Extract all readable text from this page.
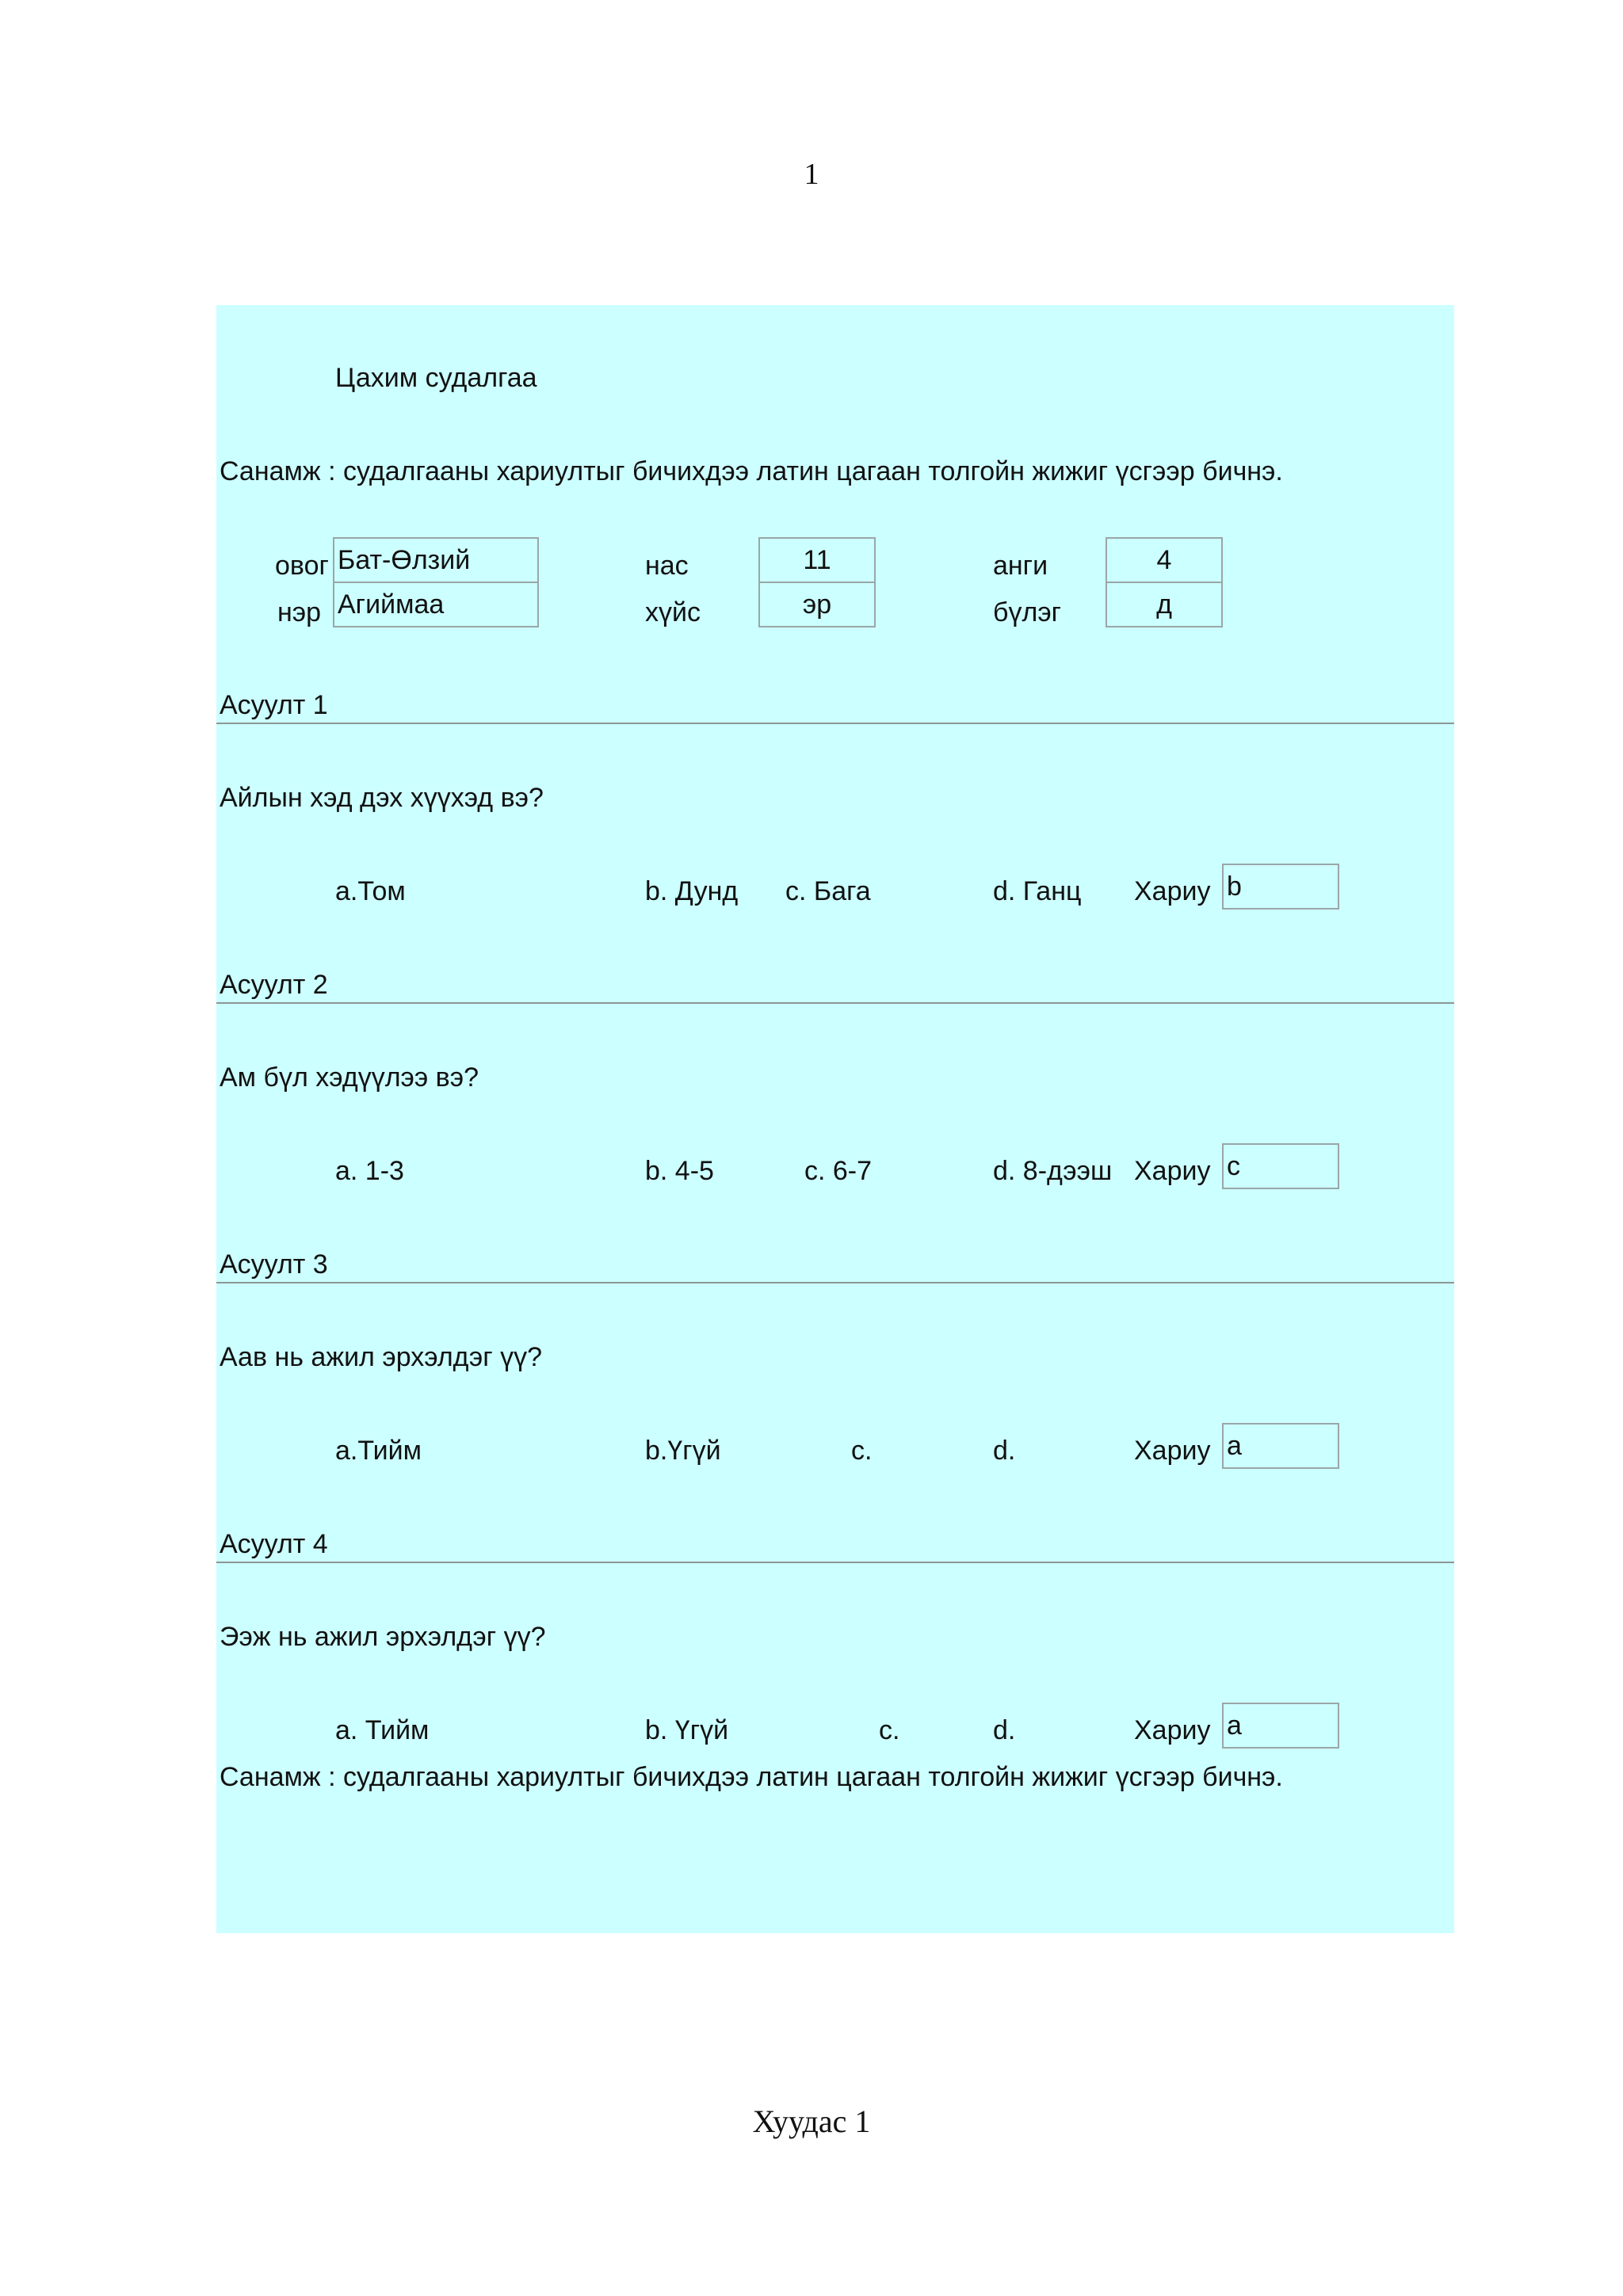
1
Цахим судалгаа
Санамж : судалгааны хариултыг бичихдээ латин цагаан толгойн жижиг үсгээр бичнэ.
овог Бат-Өлзий
нэр Агиймаа
нас	11
хүйс	эр
анги	4
бүлэг	д
Асуулт 1
Айлын хэд дэх хүүхэд вэ?
a.Том	b. Дунд c. Бага	d. Ганц Хариу b
Асуулт 2
Ам бүл хэдүүлээ вэ?
a. 1-3	b. 4-5	c. 6-7	d. 8-дээш Хариу c
Асуулт 3
Аав нь ажил эрхэлдэг үү?
a.Тийм	b.Үгүй	c.	d.	Хариу a
Асуулт 4
Ээж нь ажил эрхэлдэг үү?
a. Тийм	b. Үгүй	c.	d.	Хариу a
Санамж : судалгааны хариултыг бичихдээ латин цагаан толгойн жижиг үсгээр бичнэ.
Хуудас 1
